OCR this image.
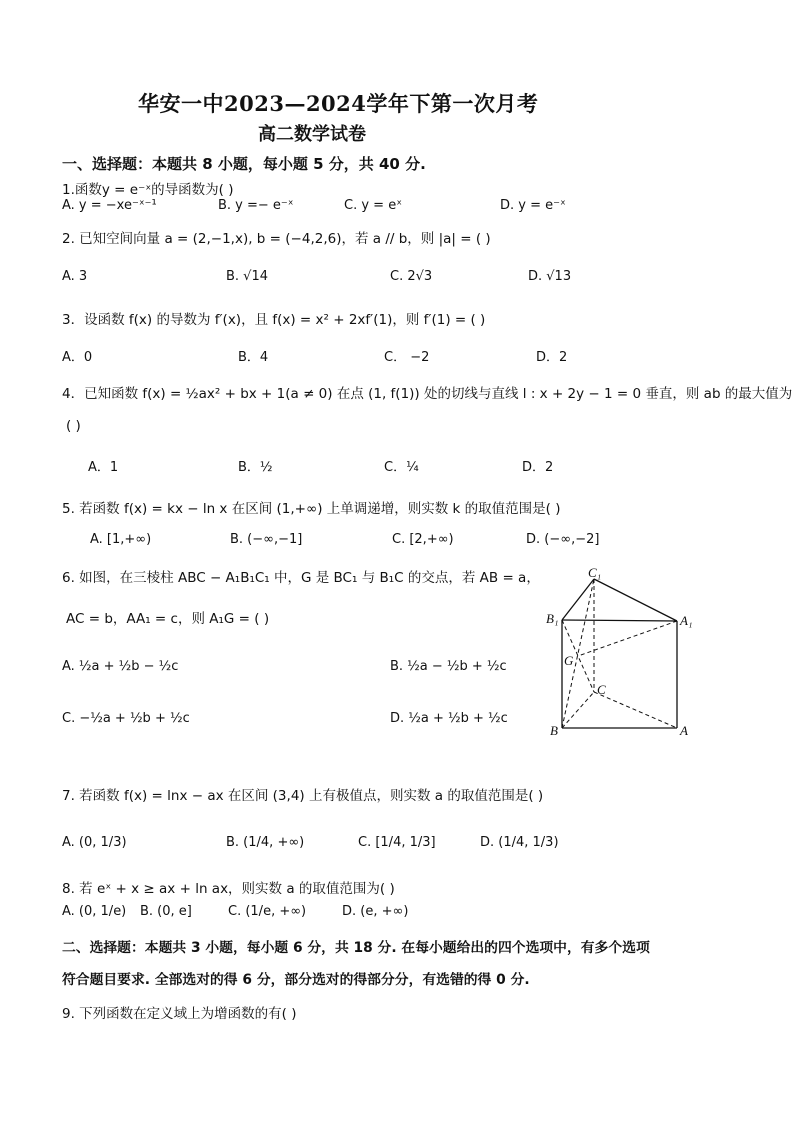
华安一中2023—2024学年下第一次月考
高二数学试卷
一、选择题：本题共 8 小题，每小题 5 分，共 40 分.
1.函数y = e⁻ˣ的导函数为( )
A. y = −xe⁻ˣ⁻¹	B. y =− e⁻ˣ	C. y = eˣ	D. y = e⁻ˣ
2. 已知空间向量 a = (2,−1,x), b = (−4,2,6)，若 a // b，则 |a| = ( )
A. 3	B. √14	C. 2√3	D. √13
3．设函数 f(x) 的导数为 f′(x)，且 f(x) = x² + 2xf′(1)，则 f′(1) = ( )
A．0	B．4	C． −2	D．2
4．已知函数 f(x) = ½ax² + bx + 1(a ≠ 0) 在点 (1, f(1)) 处的切线与直线 l : x + 2y − 1 = 0 垂直，则 ab 的最大值为
( )
A．1	B．½	C．¼	D．2
5. 若函数 f(x) = kx − ln x 在区间 (1,+∞) 上单调递增，则实数 k 的取值范围是( )
A. [1,+∞)	B. (−∞,−1]	C. [2,+∞)	D. (−∞,−2]
6. 如图，在三棱柱 ABC − A₁B₁C₁ 中，G 是 BC₁ 与 B₁C 的交点，若 AB = a，
AC = b，AA₁ = c，则 A₁G = ( )
A. ½a + ½b − ½c	B. ½a − ½b + ½c
C. −½a + ½b + ½c	D. ½a + ½b + ½c
C₁
B₁	A₁
G
C
B	A
7. 若函数 f(x) = lnx − ax 在区间 (3,4) 上有极值点，则实数 a 的取值范围是( )
A. (0, 1/3)	B. (1/4, +∞)	C. [1/4, 1/3]	D. (1/4, 1/3)
8. 若 eˣ + x ≥ ax + ln ax，则实数 a 的取值范围为( )
A. (0, 1/e) B. (0, e]	C. (1/e, +∞)	D. (e, +∞)
二、选择题：本题共 3 小题，每小题 6 分，共 18 分. 在每小题给出的四个选项中，有多个选项
符合题目要求. 全部选对的得 6 分，部分选对的得部分分，有选错的得 0 分.
9. 下列函数在定义域上为增函数的有( )
